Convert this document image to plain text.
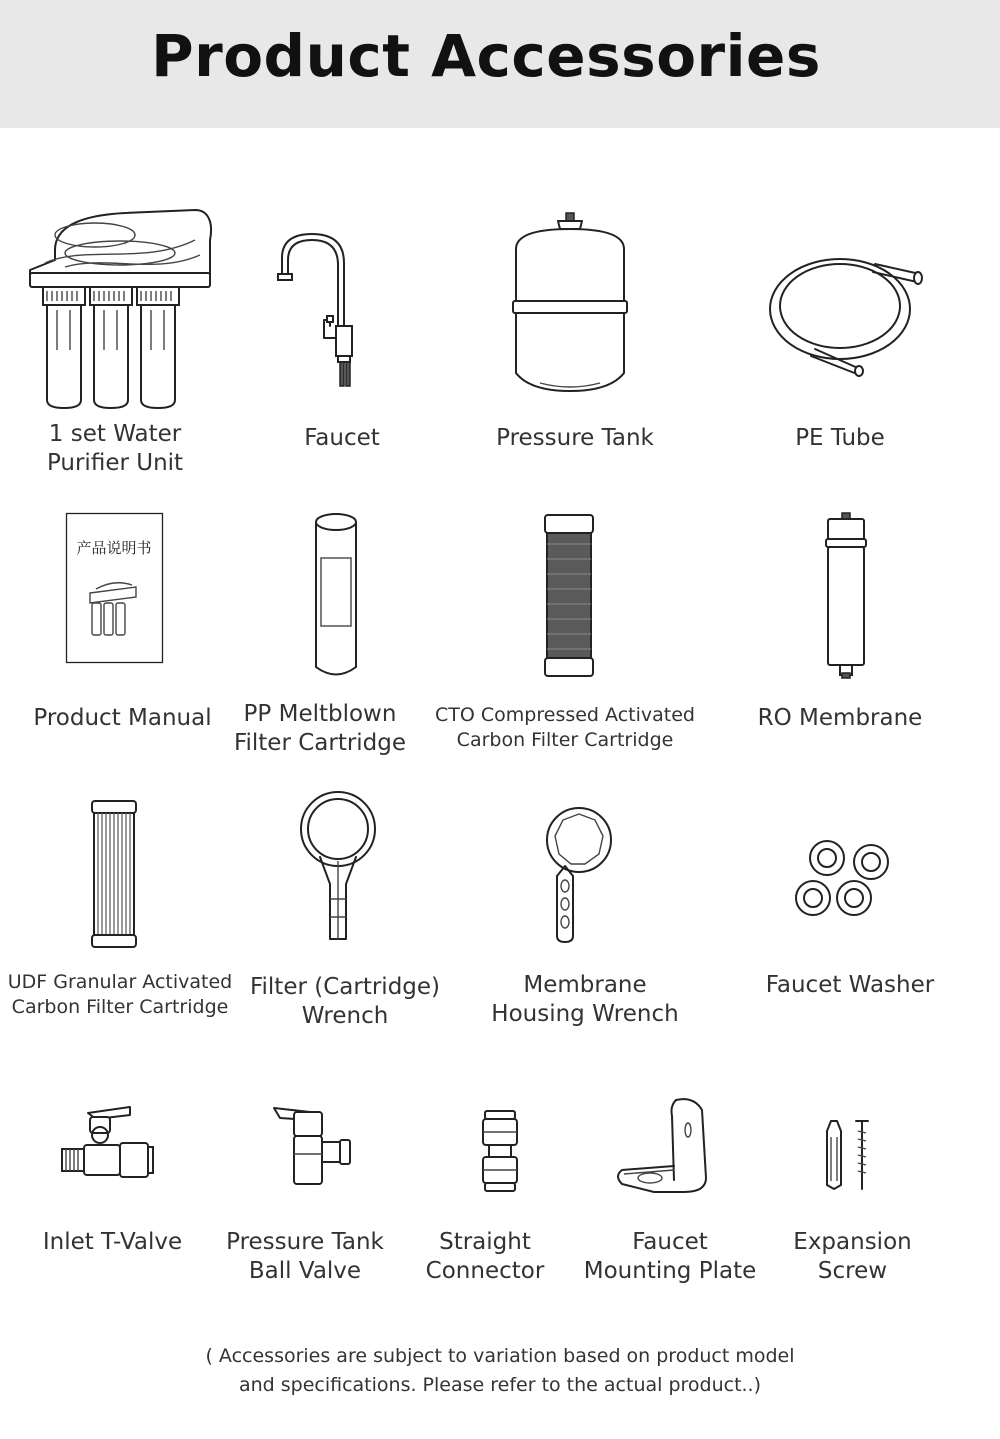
Product Accessories
1 set Water
Purifier Unit
Faucet	Pressure Tank	PE Tube
产品说明书
Product Manual	PP Meltblown
Filter Cartridge
CTO Compressed Activated
Carbon Filter Cartridge
RO Membrane
UDF Granular Activated
Carbon Filter Cartridge
Filter (Cartridge)
Wrench
Membrane
Housing Wrench
Faucet Washer
Inlet T-Valve	Pressure Tank
Ball Valve
Straight
Connector
Faucet
Mounting Plate
Expansion
Screw
( Accessories are subject to variation based on product model
and specifications. Please refer to the actual product..)
